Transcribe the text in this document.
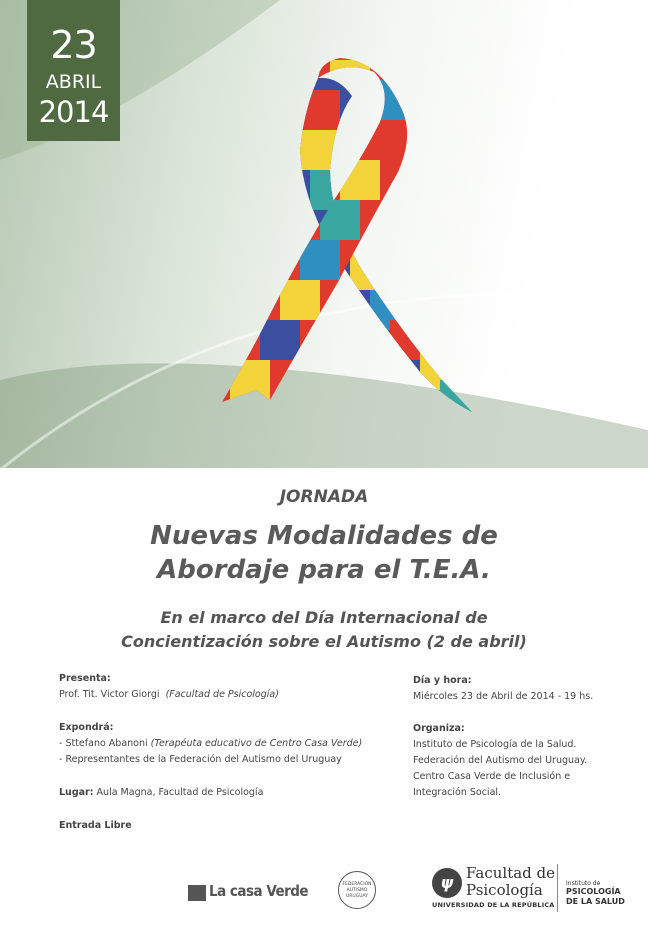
23
ABRIL
2014
JORNADA
Nuevas Modalidades de
Abordaje para el T.E.A.
En el marco del Día Internacional de
Concientización sobre el Autismo (2 de abril)
Presenta:
Prof. Tit. Victor Giorgi (Facultad de Psicología)
Expondrá:
- Sttefano Abanoni (Terapéuta educativo de Centro Casa Verde)
- Representantes de la Federación del Autismo del Uruguay
Lugar: Aula Magna, Facultad de Psicología
Entrada Libre
Día y hora:
Miércoles 23 de Abril de 2014 - 19 hs.
Organiza:
Instituto de Psicología de la Salud.
Federación del Autismo del Uruguay.
Centro Casa Verde de Inclusión e
Integración Social.
La casa Verde	FEDERACIÓN
AUTISMO
URUGUAY
ψ Facultad de
Psicología
UNIVERSIDAD DE LA REPÚBLICA
Instituto de
PSICOLOGÍA
DE LA SALUD
